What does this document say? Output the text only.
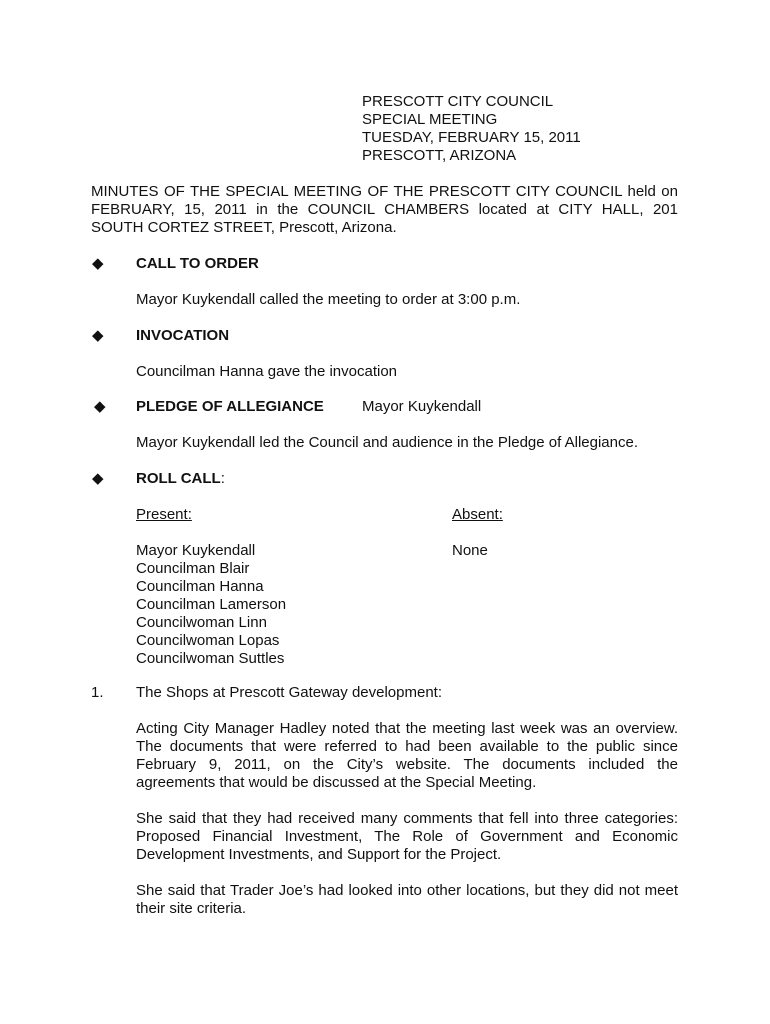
PRESCOTT CITY COUNCIL
SPECIAL MEETING
TUESDAY, FEBRUARY 15, 2011
PRESCOTT, ARIZONA
MINUTES OF THE SPECIAL MEETING OF THE PRESCOTT CITY COUNCIL held on
FEBRUARY, 15, 2011 in the COUNCIL CHAMBERS located at CITY HALL, 201
SOUTH CORTEZ STREET, Prescott, Arizona.
◆ CALL TO ORDER
Mayor Kuykendall called the meeting to order at 3:00 p.m.
◆ INVOCATION
Councilman Hanna gave the invocation
◆ PLEDGE OF ALLEGIANCE	Mayor Kuykendall
Mayor Kuykendall led the Council and audience in the Pledge of Allegiance.
◆ ROLL CALL:
Present:	Absent:
Mayor Kuykendall
Councilman Blair
Councilman Hanna
Councilman Lamerson
Councilwoman Linn
Councilwoman Lopas
Councilwoman Suttles
None
1. The Shops at Prescott Gateway development:
Acting City Manager Hadley noted that the meeting last week was an overview.
The documents that were referred to had been available to the public since
February 9, 2011, on the City’s website. The documents included the
agreements that would be discussed at the Special Meeting.
She said that they had received many comments that fell into three categories:
Proposed Financial Investment, The Role of Government and Economic
Development Investments, and Support for the Project.
She said that Trader Joe’s had looked into other locations, but they did not meet
their site criteria.
